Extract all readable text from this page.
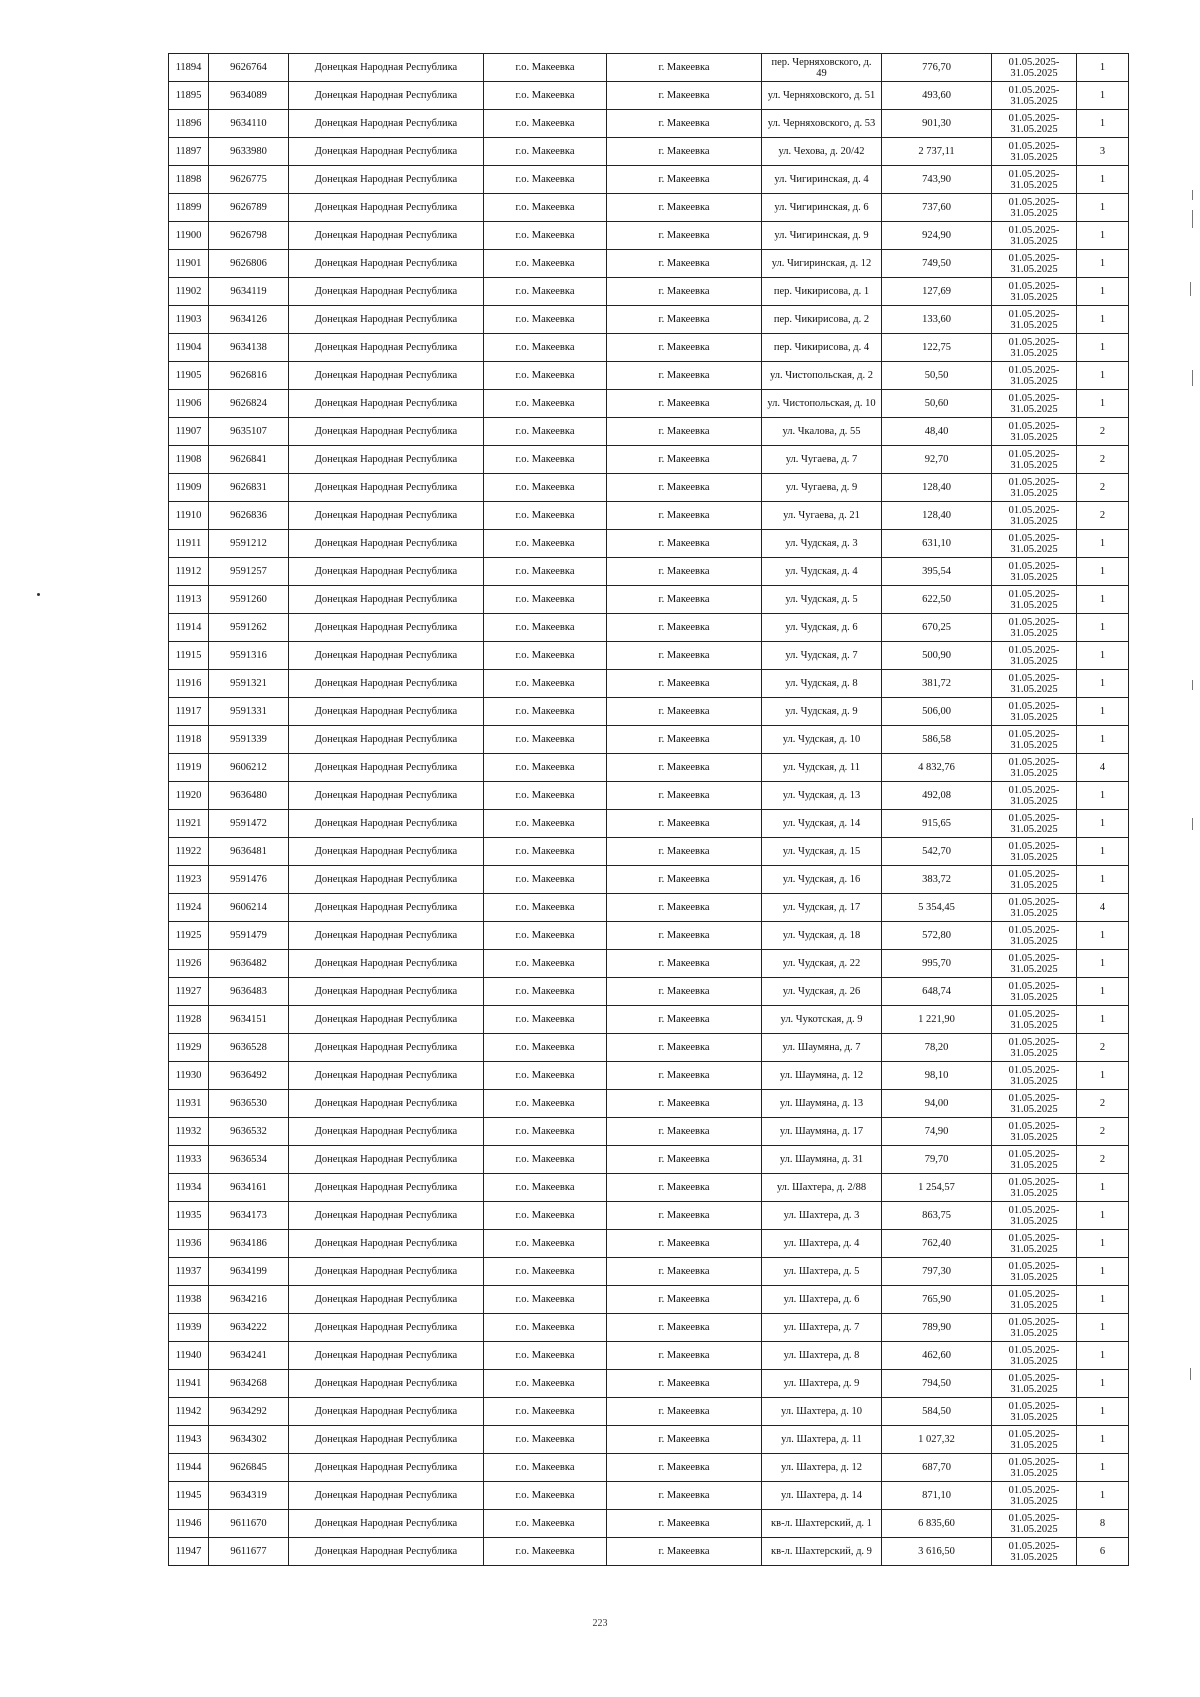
11894	9626764	Донецкая Народная Республика	г.о. Макеевка	г. Макеевка	пер. Черняховского, д. 49	776,70	01.05.2025- 31.05.2025	1
11895	9634089	Донецкая Народная Республика	г.о. Макеевка	г. Макеевка	ул. Черняховского, д. 51	493,60	01.05.2025- 31.05.2025	1
11896	9634110	Донецкая Народная Республика	г.о. Макеевка	г. Макеевка	ул. Черняховского, д. 53	901,30	01.05.2025- 31.05.2025	1
11897	9633980	Донецкая Народная Республика	г.о. Макеевка	г. Макеевка	ул. Чехова, д. 20/42	2 737,11	01.05.2025- 31.05.2025	3
11898	9626775	Донецкая Народная Республика	г.о. Макеевка	г. Макеевка	ул. Чигиринская, д. 4	743,90	01.05.2025- 31.05.2025	1
11899	9626789	Донецкая Народная Республика	г.о. Макеевка	г. Макеевка	ул. Чигиринская, д. 6	737,60	01.05.2025- 31.05.2025	1
11900	9626798	Донецкая Народная Республика	г.о. Макеевка	г. Макеевка	ул. Чигиринская, д. 9	924,90	01.05.2025- 31.05.2025	1
11901	9626806	Донецкая Народная Республика	г.о. Макеевка	г. Макеевка	ул. Чигиринская, д. 12	749,50	01.05.2025- 31.05.2025	1
11902	9634119	Донецкая Народная Республика	г.о. Макеевка	г. Макеевка	пер. Чикирисова, д. 1	127,69	01.05.2025- 31.05.2025	1
11903	9634126	Донецкая Народная Республика	г.о. Макеевка	г. Макеевка	пер. Чикирисова, д. 2	133,60	01.05.2025- 31.05.2025	1
11904	9634138	Донецкая Народная Республика	г.о. Макеевка	г. Макеевка	пер. Чикирисова, д. 4	122,75	01.05.2025- 31.05.2025	1
11905	9626816	Донецкая Народная Республика	г.о. Макеевка	г. Макеевка	ул. Чистопольская, д. 2	50,50	01.05.2025- 31.05.2025	1
11906	9626824	Донецкая Народная Республика	г.о. Макеевка	г. Макеевка	ул. Чистопольская, д. 10	50,60	01.05.2025- 31.05.2025	1
11907	9635107	Донецкая Народная Республика	г.о. Макеевка	г. Макеевка	ул. Чкалова, д. 55	48,40	01.05.2025- 31.05.2025	2
11908	9626841	Донецкая Народная Республика	г.о. Макеевка	г. Макеевка	ул. Чугаева, д. 7	92,70	01.05.2025- 31.05.2025	2
11909	9626831	Донецкая Народная Республика	г.о. Макеевка	г. Макеевка	ул. Чугаева, д. 9	128,40	01.05.2025- 31.05.2025	2
11910	9626836	Донецкая Народная Республика	г.о. Макеевка	г. Макеевка	ул. Чугаева, д. 21	128,40	01.05.2025- 31.05.2025	2
11911	9591212	Донецкая Народная Республика	г.о. Макеевка	г. Макеевка	ул. Чудская, д. 3	631,10	01.05.2025- 31.05.2025	1
11912	9591257	Донецкая Народная Республика	г.о. Макеевка	г. Макеевка	ул. Чудская, д. 4	395,54	01.05.2025- 31.05.2025	1
11913	9591260	Донецкая Народная Республика	г.о. Макеевка	г. Макеевка	ул. Чудская, д. 5	622,50	01.05.2025- 31.05.2025	1
11914	9591262	Донецкая Народная Республика	г.о. Макеевка	г. Макеевка	ул. Чудская, д. 6	670,25	01.05.2025- 31.05.2025	1
11915	9591316	Донецкая Народная Республика	г.о. Макеевка	г. Макеевка	ул. Чудская, д. 7	500,90	01.05.2025- 31.05.2025	1
11916	9591321	Донецкая Народная Республика	г.о. Макеевка	г. Макеевка	ул. Чудская, д. 8	381,72	01.05.2025- 31.05.2025	1
11917	9591331	Донецкая Народная Республика	г.о. Макеевка	г. Макеевка	ул. Чудская, д. 9	506,00	01.05.2025- 31.05.2025	1
11918	9591339	Донецкая Народная Республика	г.о. Макеевка	г. Макеевка	ул. Чудская, д. 10	586,58	01.05.2025- 31.05.2025	1
11919	9606212	Донецкая Народная Республика	г.о. Макеевка	г. Макеевка	ул. Чудская, д. 11	4 832,76	01.05.2025- 31.05.2025	4
11920	9636480	Донецкая Народная Республика	г.о. Макеевка	г. Макеевка	ул. Чудская, д. 13	492,08	01.05.2025- 31.05.2025	1
11921	9591472	Донецкая Народная Республика	г.о. Макеевка	г. Макеевка	ул. Чудская, д. 14	915,65	01.05.2025- 31.05.2025	1
11922	9636481	Донецкая Народная Республика	г.о. Макеевка	г. Макеевка	ул. Чудская, д. 15	542,70	01.05.2025- 31.05.2025	1
11923	9591476	Донецкая Народная Республика	г.о. Макеевка	г. Макеевка	ул. Чудская, д. 16	383,72	01.05.2025- 31.05.2025	1
11924	9606214	Донецкая Народная Республика	г.о. Макеевка	г. Макеевка	ул. Чудская, д. 17	5 354,45	01.05.2025- 31.05.2025	4
11925	9591479	Донецкая Народная Республика	г.о. Макеевка	г. Макеевка	ул. Чудская, д. 18	572,80	01.05.2025- 31.05.2025	1
11926	9636482	Донецкая Народная Республика	г.о. Макеевка	г. Макеевка	ул. Чудская, д. 22	995,70	01.05.2025- 31.05.2025	1
11927	9636483	Донецкая Народная Республика	г.о. Макеевка	г. Макеевка	ул. Чудская, д. 26	648,74	01.05.2025- 31.05.2025	1
11928	9634151	Донецкая Народная Республика	г.о. Макеевка	г. Макеевка	ул. Чукотская, д. 9	1 221,90	01.05.2025- 31.05.2025	1
11929	9636528	Донецкая Народная Республика	г.о. Макеевка	г. Макеевка	ул. Шаумяна, д. 7	78,20	01.05.2025- 31.05.2025	2
11930	9636492	Донецкая Народная Республика	г.о. Макеевка	г. Макеевка	ул. Шаумяна, д. 12	98,10	01.05.2025- 31.05.2025	1
11931	9636530	Донецкая Народная Республика	г.о. Макеевка	г. Макеевка	ул. Шаумяна, д. 13	94,00	01.05.2025- 31.05.2025	2
11932	9636532	Донецкая Народная Республика	г.о. Макеевка	г. Макеевка	ул. Шаумяна, д. 17	74,90	01.05.2025- 31.05.2025	2
11933	9636534	Донецкая Народная Республика	г.о. Макеевка	г. Макеевка	ул. Шаумяна, д. 31	79,70	01.05.2025- 31.05.2025	2
11934	9634161	Донецкая Народная Республика	г.о. Макеевка	г. Макеевка	ул. Шахтера, д. 2/88	1 254,57	01.05.2025- 31.05.2025	1
11935	9634173	Донецкая Народная Республика	г.о. Макеевка	г. Макеевка	ул. Шахтера, д. 3	863,75	01.05.2025- 31.05.2025	1
11936	9634186	Донецкая Народная Республика	г.о. Макеевка	г. Макеевка	ул. Шахтера, д. 4	762,40	01.05.2025- 31.05.2025	1
11937	9634199	Донецкая Народная Республика	г.о. Макеевка	г. Макеевка	ул. Шахтера, д. 5	797,30	01.05.2025- 31.05.2025	1
11938	9634216	Донецкая Народная Республика	г.о. Макеевка	г. Макеевка	ул. Шахтера, д. 6	765,90	01.05.2025- 31.05.2025	1
11939	9634222	Донецкая Народная Республика	г.о. Макеевка	г. Макеевка	ул. Шахтера, д. 7	789,90	01.05.2025- 31.05.2025	1
11940	9634241	Донецкая Народная Республика	г.о. Макеевка	г. Макеевка	ул. Шахтера, д. 8	462,60	01.05.2025- 31.05.2025	1
11941	9634268	Донецкая Народная Республика	г.о. Макеевка	г. Макеевка	ул. Шахтера, д. 9	794,50	01.05.2025- 31.05.2025	1
11942	9634292	Донецкая Народная Республика	г.о. Макеевка	г. Макеевка	ул. Шахтера, д. 10	584,50	01.05.2025- 31.05.2025	1
11943	9634302	Донецкая Народная Республика	г.о. Макеевка	г. Макеевка	ул. Шахтера, д. 11	1 027,32	01.05.2025- 31.05.2025	1
11944	9626845	Донецкая Народная Республика	г.о. Макеевка	г. Макеевка	ул. Шахтера, д. 12	687,70	01.05.2025- 31.05.2025	1
11945	9634319	Донецкая Народная Республика	г.о. Макеевка	г. Макеевка	ул. Шахтера, д. 14	871,10	01.05.2025- 31.05.2025	1
11946	9611670	Донецкая Народная Республика	г.о. Макеевка	г. Макеевка	кв-л. Шахтерский, д. 1	6 835,60	01.05.2025- 31.05.2025	8
11947	9611677	Донецкая Народная Республика	г.о. Макеевка	г. Макеевка	кв-л. Шахтерский, д. 9	3 616,50	01.05.2025- 31.05.2025	6
223
